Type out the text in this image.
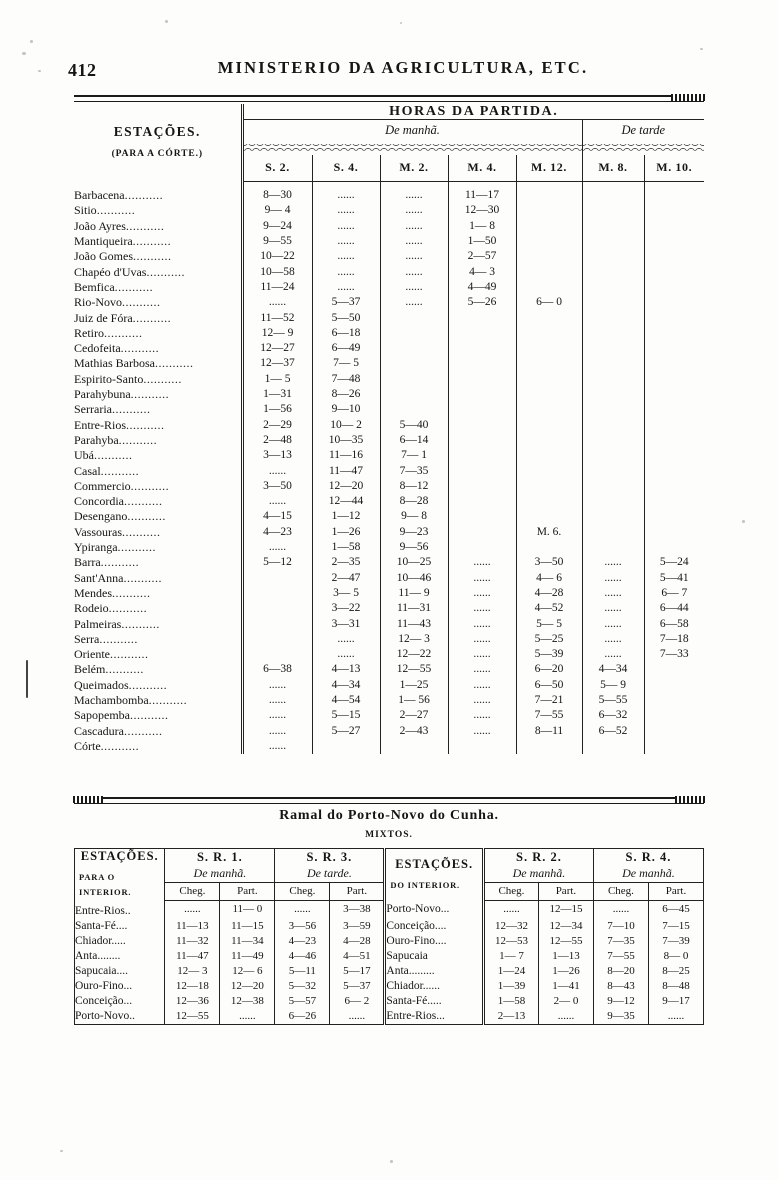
412	MINISTERIO DA AGRICULTURA, ETC.
ESTAÇÕES.
(PARA A CÓRTE.)	HORAS DA PARTIDA.						
	De manhã.					De tarde	

	S. 2.	S. 4.	M. 2.	M. 4.	M. 12.	M. 8.	M. 10.
Barbacena...........	8—30	......	......	11—17			
Sitio...........	9— 4	......	......	12—30			
João Ayres...........	9—24	......	......	1— 8			
Mantiqueira...........	9—55	......	......	1—50			
João Gomes...........	10—22	......	......	2—57			
Chapéo d'Uvas...........	10—58	......	......	4— 3			
Bemfica...........	11—24	......	......	4—49			
Rio-Novo...........	......	5—37	......	5—26	6— 0		
Juiz de Fóra...........	11—52	5—50					
Retiro...........	12— 9	6—18					
Cedofeita...........	12—27	6—49					
Mathias Barbosa...........	12—37	7— 5					
Espirito-Santo...........	1— 5	7—48					
Parahybuna...........	1—31	8—26					
Serraria...........	1—56	9—10					
Entre-Rios...........	2—29	10— 2	5—40				
Parahyba...........	2—48	10—35	6—14				
Ubá...........	3—13	11—16	7— 1				
Casal...........	......	11—47	7—35				
Commercio...........	3—50	12—20	8—12				
Concordia...........	......	12—44	8—28				
Desengano...........	4—15	1—12	9— 8				
Vassouras...........	4—23	1—26	9—23		M. 6.		
Ypiranga...........	......	1—58	9—56				
Barra...........	5—12	2—35	10—25	......	3—50	......	5—24
Sant'Anna...........		2—47	10—46	......	4— 6	......	5—41
Mendes...........		3— 5	11— 9	......	4—28	......	6— 7
Rodeio...........		3—22	11—31	......	4—52	......	6—44
Palmeiras...........		3—31	11—43	......	5— 5	......	6—58
Serra...........		......	12— 3	......	5—25	......	7—18
Oriente...........		......	12—22	......	5—39	......	7—33
Belém...........	6—38	4—13	12—55	......	6—20	4—34	
Queimados...........	......	4—34	1—25	......	6—50	5— 9	
Machambomba...........	......	4—54	1— 56	......	7—21	5—55	
Sapopemba...........	......	5—15	2—27	......	7—55	6—32	
Cascadura...........	......	5—27	2—43	......	8—11	6—52	
Córte...........	......						
Ramal do Porto-Novo do Cunha.
MIXTOS.
ESTAÇÕES.
PARA O INTERIOR.	S. R. 1.		S. R. 3.		ESTAÇÕES.
DO INTERIOR.	S. R. 2.		S. R. 4.	
	De manhã.		De tarde.			De manhã.		De manhã.	
	Cheg.	Part.	Cheg.	Part.		Cheg.	Part.	Cheg.	Part.
Entre-Rios..	......	11— 0	......	3—38	Porto-Novo...	......	12—15	......	6—45
Santa-Fé....	11—13	11—15	3—56	3—59	Conceição....	12—32	12—34	7—10	7—15
Chiador.....	11—32	11—34	4—23	4—28	Ouro-Fino....	12—53	12—55	7—35	7—39
Anta........	11—47	11—49	4—46	4—51	Sapucaia	1— 7	1—13	7—55	8— 0
Sapucaia....	12— 3	12— 6	5—11	5—17	Anta.........	1—24	1—26	8—20	8—25
Ouro-Fino...	12—18	12—20	5—32	5—37	Chiador......	1—39	1—41	8—43	8—48
Conceição...	12—36	12—38	5—57	6— 2	Santa-Fé.....	1—58	2— 0	9—12	9—17
Porto-Novo..	12—55	......	6—26	......	Entre-Rios...	2—13	......	9—35	......
